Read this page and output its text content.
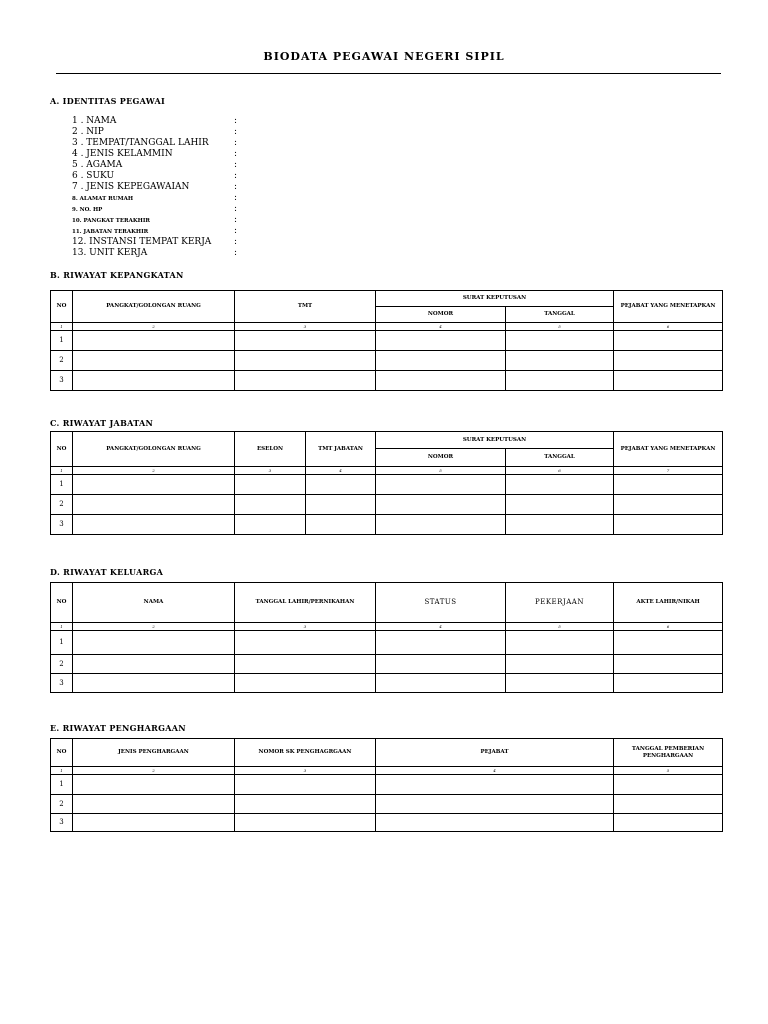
BIODATA PEGAWAI NEGERI SIPIL
A. IDENTITAS PEGAWAI
1 . NAMA	:
2 . NIP	:
3 . TEMPAT/TANGGAL LAHIR	:
4 . JENIS KELAMMIN	:
5 . AGAMA	:
6 . SUKU	:
7 . JENIS KEPEGAWAIAN	:
8. ALAMAT RUMAH	:
9. NO. HP	:
10. PANGKAT TERAKHIR	:
11. JABATAN TERAKHIR	:
12. INSTANSI TEMPAT KERJA	:
13. UNIT KERJA	:
B. RIWAYAT KEPANGKATAN
NO	PANGKAT/GOLONGAN RUANG	TMT	SURAT KEPUTUSAN		PEJABAT YANG MENETAPKAN
			NOMOR	TANGGAL	
1	2	3	4	5	6
1					
2					
3					
C. RIWAYAT JABATAN
NO	PANGKAT/GOLONGAN RUANG	ESELON	TMT JABATAN	SURAT KEPUTUSAN		PEJABAT YANG MENETAPKAN
				NOMOR	TANGGAL	
1	2	3	4	5	6	7
1						
2						
3						
D. RIWAYAT KELUARGA
NO	NAMA	TANGGAL LAHIR/PERNIKAHAN	STATUS	PEKERJAAN	AKTE LAHIR/NIKAH
1	2	3	4	5	6
1					
2					
3					
E. RIWAYAT PENGHARGAAN
NO	JENIS PENGHARGAAN	NOMOR SK PENGHAGRGAAN	PEJABAT	TANGGAL PEMBERIAN PENGHARGAAN
1	2	3	4	5
1				
2				
3				
